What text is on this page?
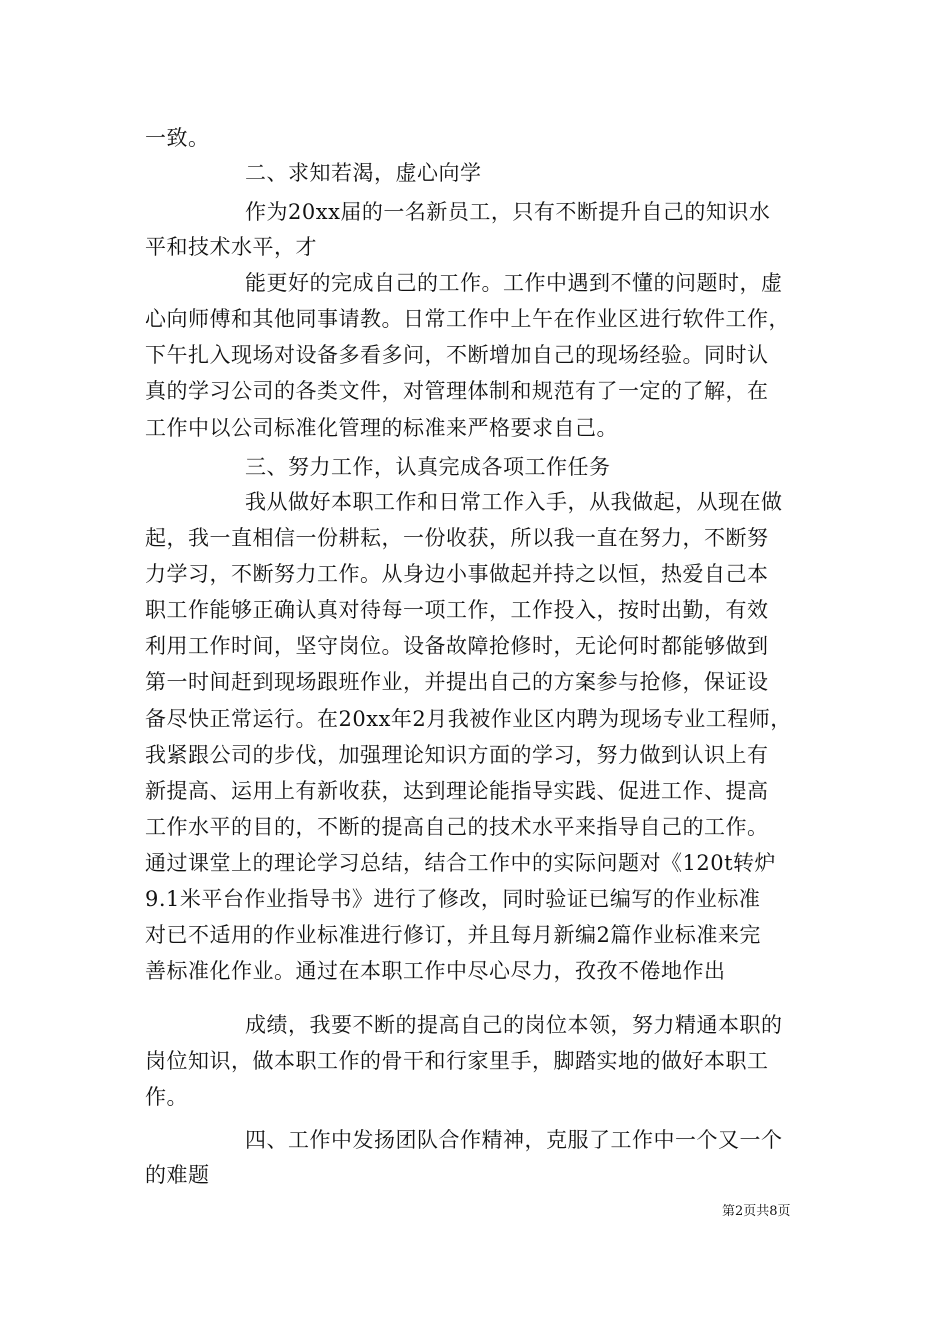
一致。
二、求知若渴，虚心向学
作为20xx届的一名新员工，只有不断提升自己的知识水
平和技术水平，才
能更好的完成自己的工作。工作中遇到不懂的问题时，虚
心向师傅和其他同事请教。日常工作中上午在作业区进行软件工作，
下午扎入现场对设备多看多问，不断增加自己的现场经验。同时认
真的学习公司的各类文件，对管理体制和规范有了一定的了解，在
工作中以公司标准化管理的标准来严格要求自己。
三、努力工作，认真完成各项工作任务
我从做好本职工作和日常工作入手，从我做起，从现在做
起，我一直相信一份耕耘，一份收获，所以我一直在努力，不断努
力学习，不断努力工作。从身边小事做起并持之以恒，热爱自己本
职工作能够正确认真对待每一项工作，工作投入，按时出勤，有效
利用工作时间，坚守岗位。设备故障抢修时，无论何时都能够做到
第一时间赶到现场跟班作业，并提出自己的方案参与抢修，保证设
备尽快正常运行。在20xx年2月我被作业区内聘为现场专业工程师，
我紧跟公司的步伐，加强理论知识方面的学习，努力做到认识上有
新提高、运用上有新收获，达到理论能指导实践、促进工作、提高
工作水平的目的，不断的提高自己的技术水平来指导自己的工作。
通过课堂上的理论学习总结，结合工作中的实际问题对《120t转炉
9.1米平台作业指导书》进行了修改，同时验证已编写的作业标准
对已不适用的作业标准进行修订，并且每月新编2篇作业标准来完
善标准化作业。通过在本职工作中尽心尽力，孜孜不倦地作出
成绩，我要不断的提高自己的岗位本领，努力精通本职的
岗位知识，做本职工作的骨干和行家里手，脚踏实地的做好本职工
作。
四、工作中发扬团队合作精神，克服了工作中一个又一个
的难题
第2页共8页
